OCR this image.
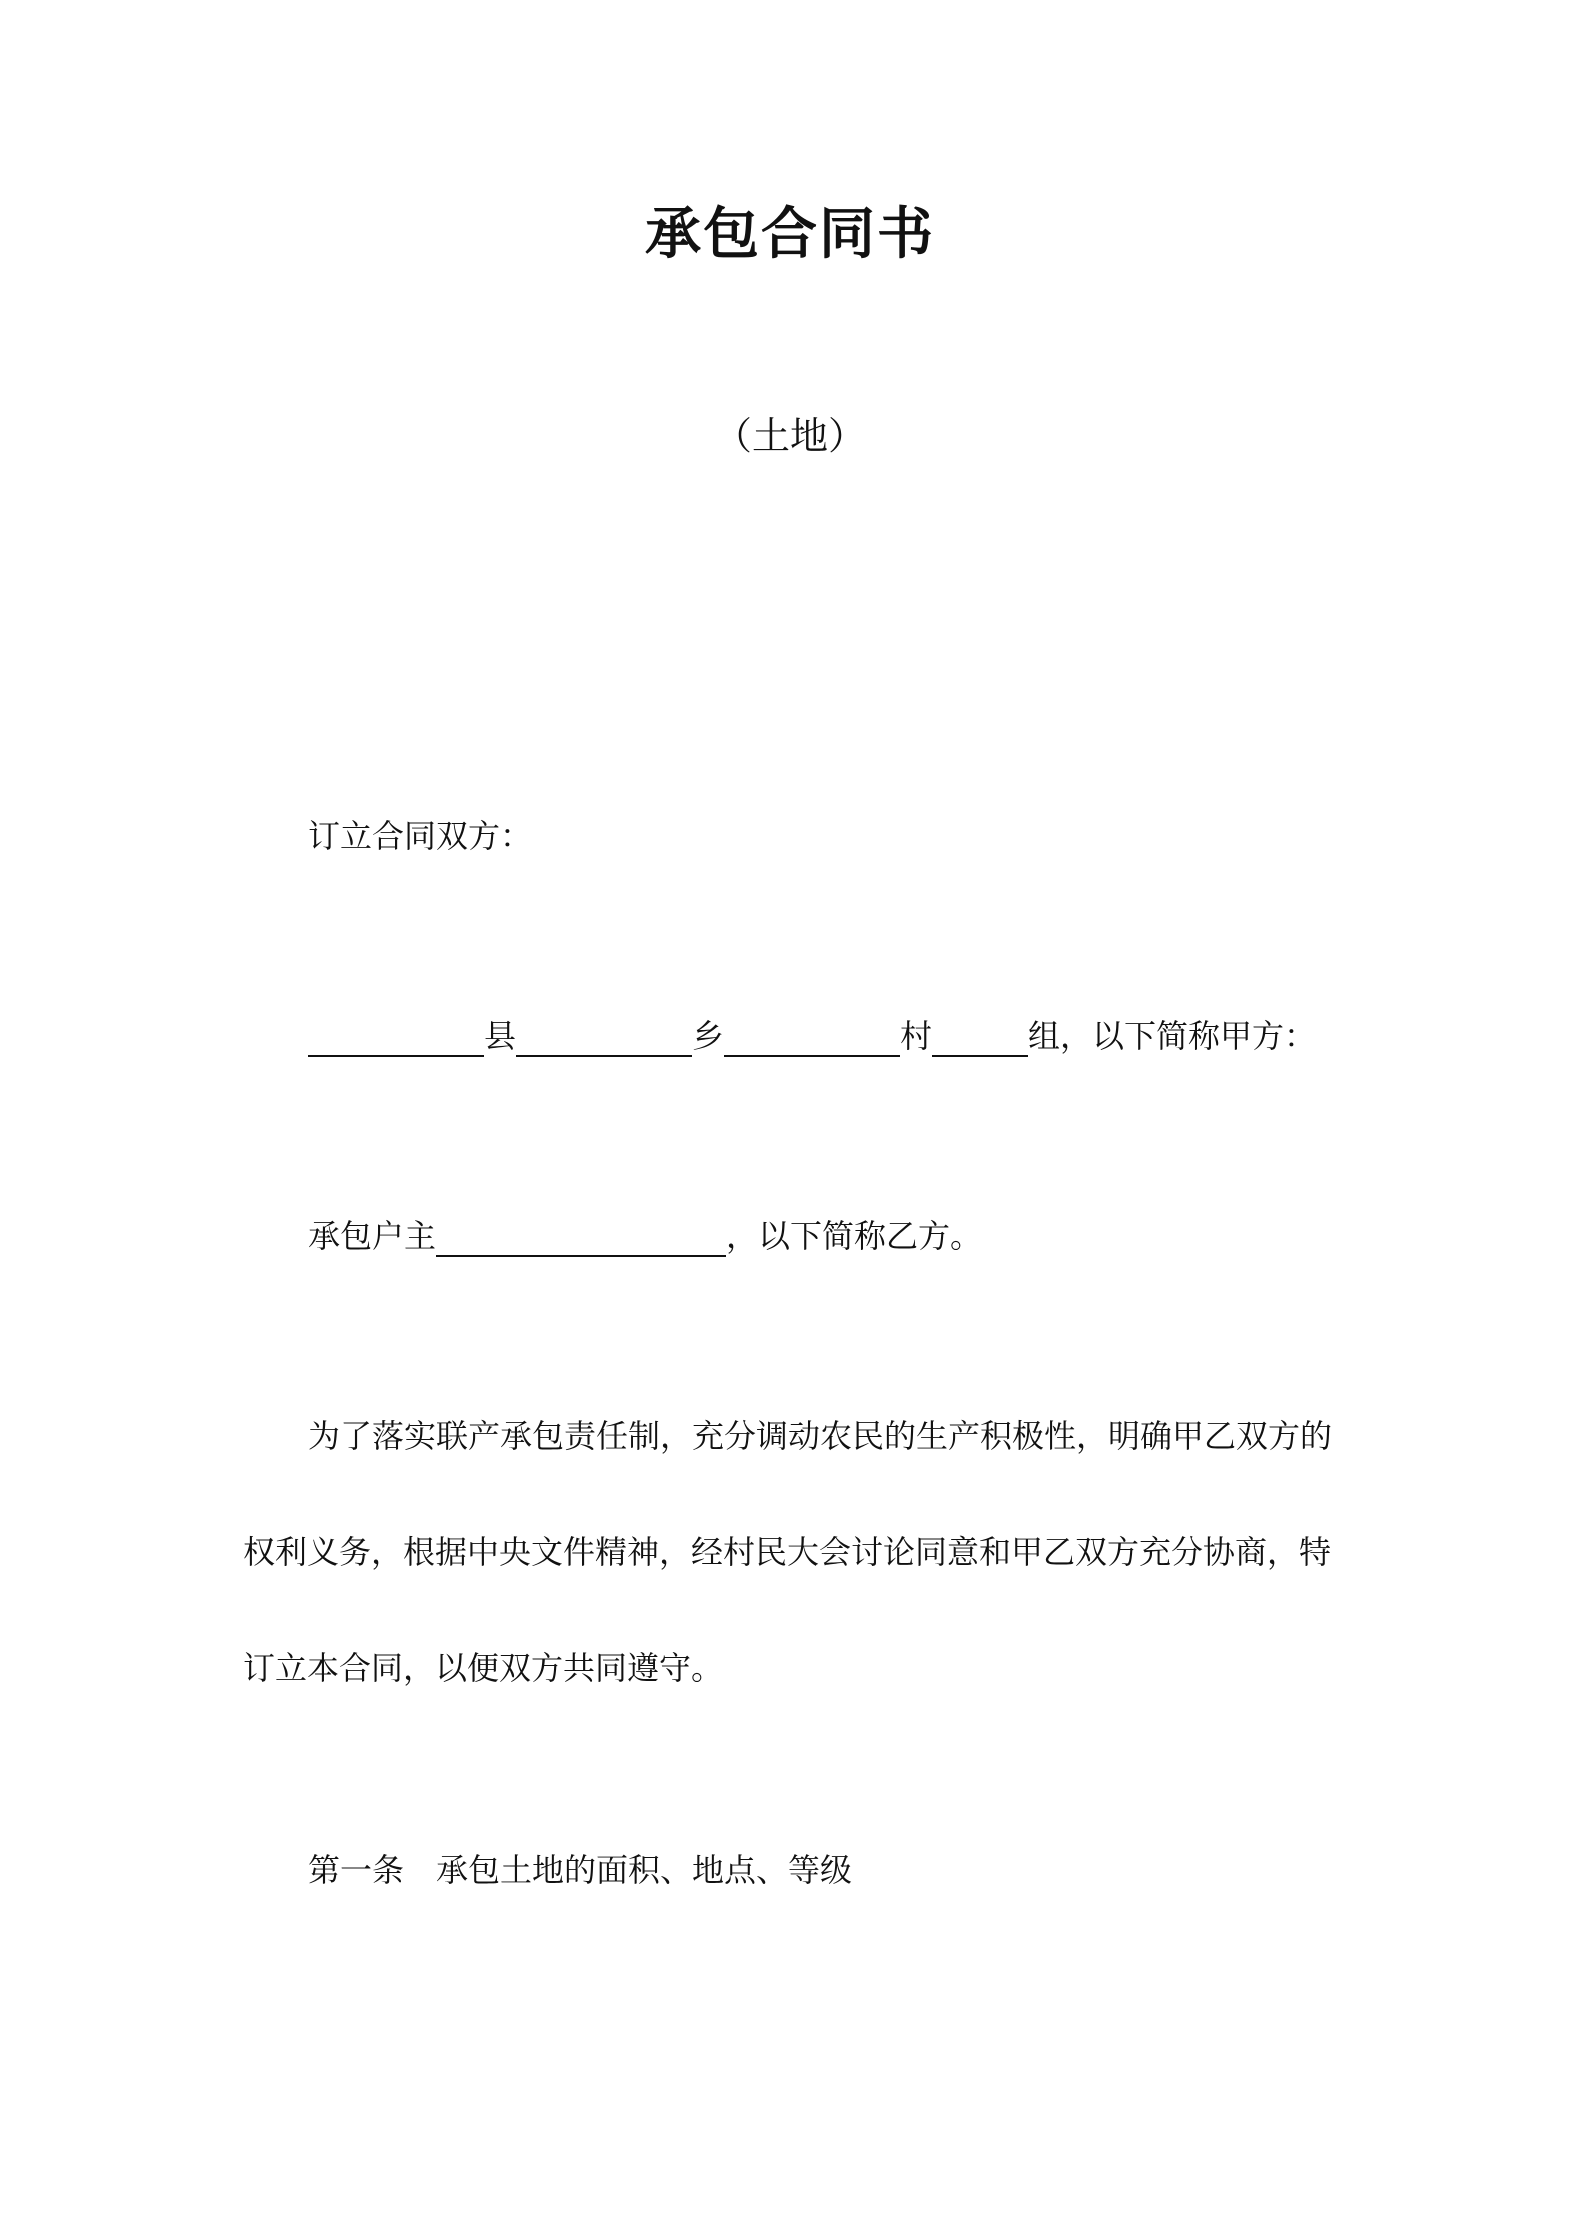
承包合同书
（土地）
订立合同双方：
县	乡	村	组，以下简称甲方：
承包户主	，以下简称乙方。
为了落实联产承包责任制，充分调动农民的生产积极性，明确甲乙双方的
权利义务，根据中央文件精神，经村民大会讨论同意和甲乙双方充分协商，特
订立本合同，以便双方共同遵守。
第一条 承包土地的面积、地点、等级
